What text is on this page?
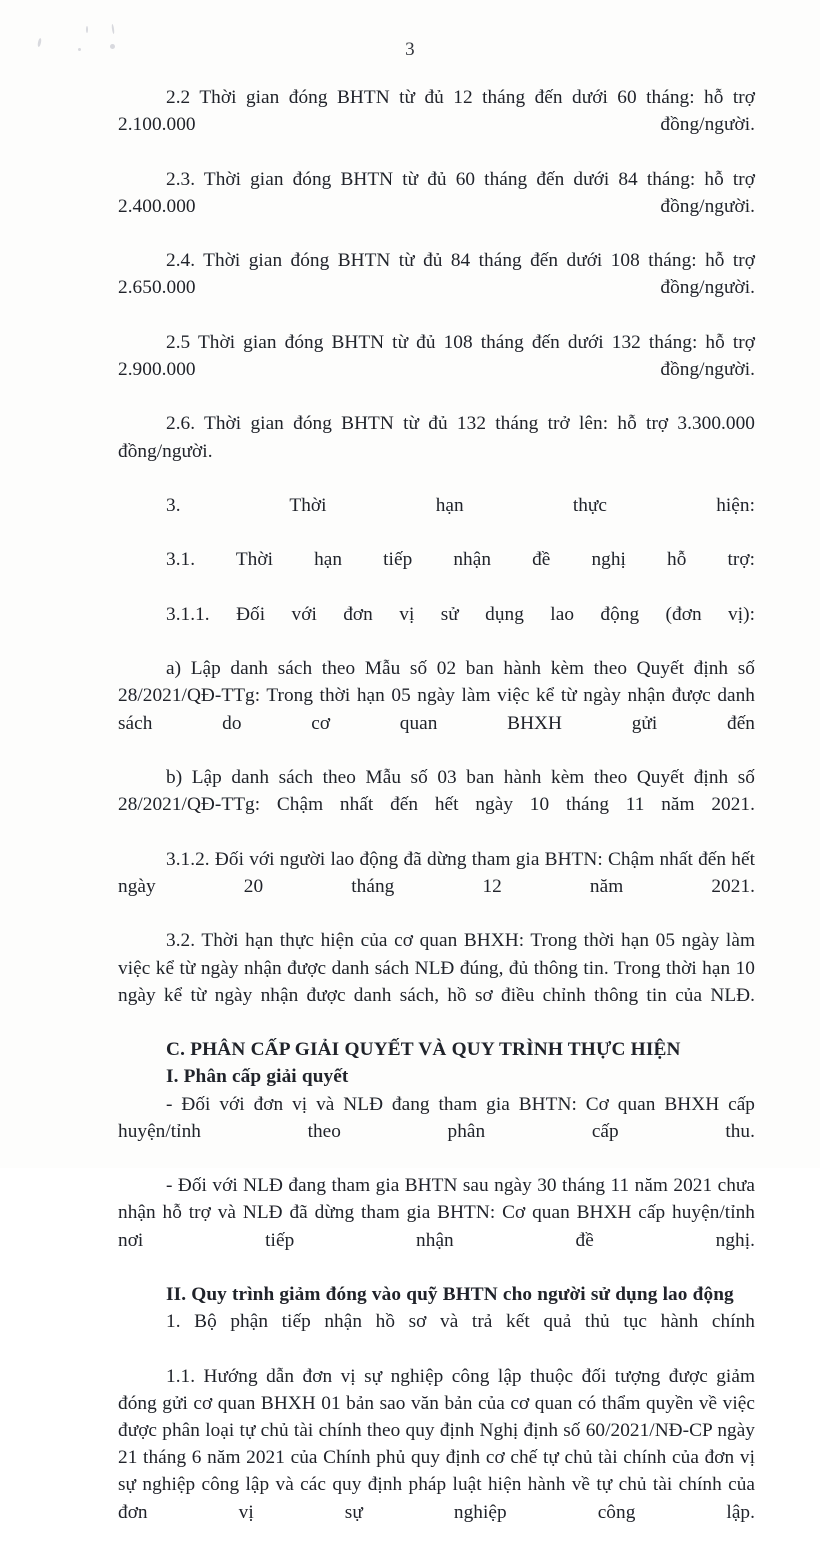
3

2.2 Thời gian đóng BHTN từ đủ 12 tháng đến dưới 60 tháng: hỗ trợ 2.100.000 đồng/người.

2.3. Thời gian đóng BHTN từ đủ 60 tháng đến dưới 84 tháng: hỗ trợ 2.400.000 đồng/người.

2.4. Thời gian đóng BHTN từ đủ 84 tháng đến dưới 108 tháng: hỗ trợ 2.650.000 đồng/người.

2.5 Thời gian đóng BHTN từ đủ 108 tháng đến dưới 132 tháng: hỗ trợ 2.900.000 đồng/người.

2.6. Thời gian đóng BHTN từ đủ 132 tháng trở lên: hỗ trợ 3.300.000 đồng/người.

3. Thời hạn thực hiện:

3.1. Thời hạn tiếp nhận đề nghị hỗ trợ:

3.1.1. Đối với đơn vị sử dụng lao động (đơn vị):

a) Lập danh sách theo Mẫu số 02 ban hành kèm theo Quyết định số 28/2021/QĐ-TTg: Trong thời hạn 05 ngày làm việc kể từ ngày nhận được danh sách do cơ quan BHXH gửi đến

b) Lập danh sách theo Mẫu số 03 ban hành kèm theo Quyết định số 28/2021/QĐ-TTg: Chậm nhất đến hết ngày 10 tháng 11 năm 2021.

3.1.2. Đối với người lao động đã dừng tham gia BHTN: Chậm nhất đến hết ngày 20 tháng 12 năm 2021.

3.2. Thời hạn thực hiện của cơ quan BHXH: Trong thời hạn 05 ngày làm việc kể từ ngày nhận được danh sách NLĐ đúng, đủ thông tin. Trong thời hạn 10 ngày kể từ ngày nhận được danh sách, hồ sơ điều chỉnh thông tin của NLĐ.

C. PHÂN CẤP GIẢI QUYẾT VÀ QUY TRÌNH THỰC HIỆN

I. Phân cấp giải quyết

- Đối với đơn vị và NLĐ đang tham gia BHTN: Cơ quan BHXH cấp huyện/tỉnh theo phân cấp thu.

- Đối với NLĐ đang tham gia BHTN sau ngày 30 tháng 11 năm 2021 chưa nhận hỗ trợ và NLĐ đã dừng tham gia BHTN: Cơ quan BHXH cấp huyện/tỉnh nơi tiếp nhận đề nghị.

II. Quy trình giảm đóng vào quỹ BHTN cho người sử dụng lao động

1. Bộ phận tiếp nhận hồ sơ và trả kết quả thủ tục hành chính

1.1. Hướng dẫn đơn vị sự nghiệp công lập thuộc đối tượng được giảm đóng gửi cơ quan BHXH 01 bản sao văn bản của cơ quan có thẩm quyền về việc được phân loại tự chủ tài chính theo quy định Nghị định số 60/2021/NĐ-CP ngày 21 tháng 6 năm 2021 của Chính phủ quy định cơ chế tự chủ tài chính của đơn vị sự nghiệp công lập và các quy định pháp luật hiện hành về tự chủ tài chính của đơn vị sự nghiệp công lập.
